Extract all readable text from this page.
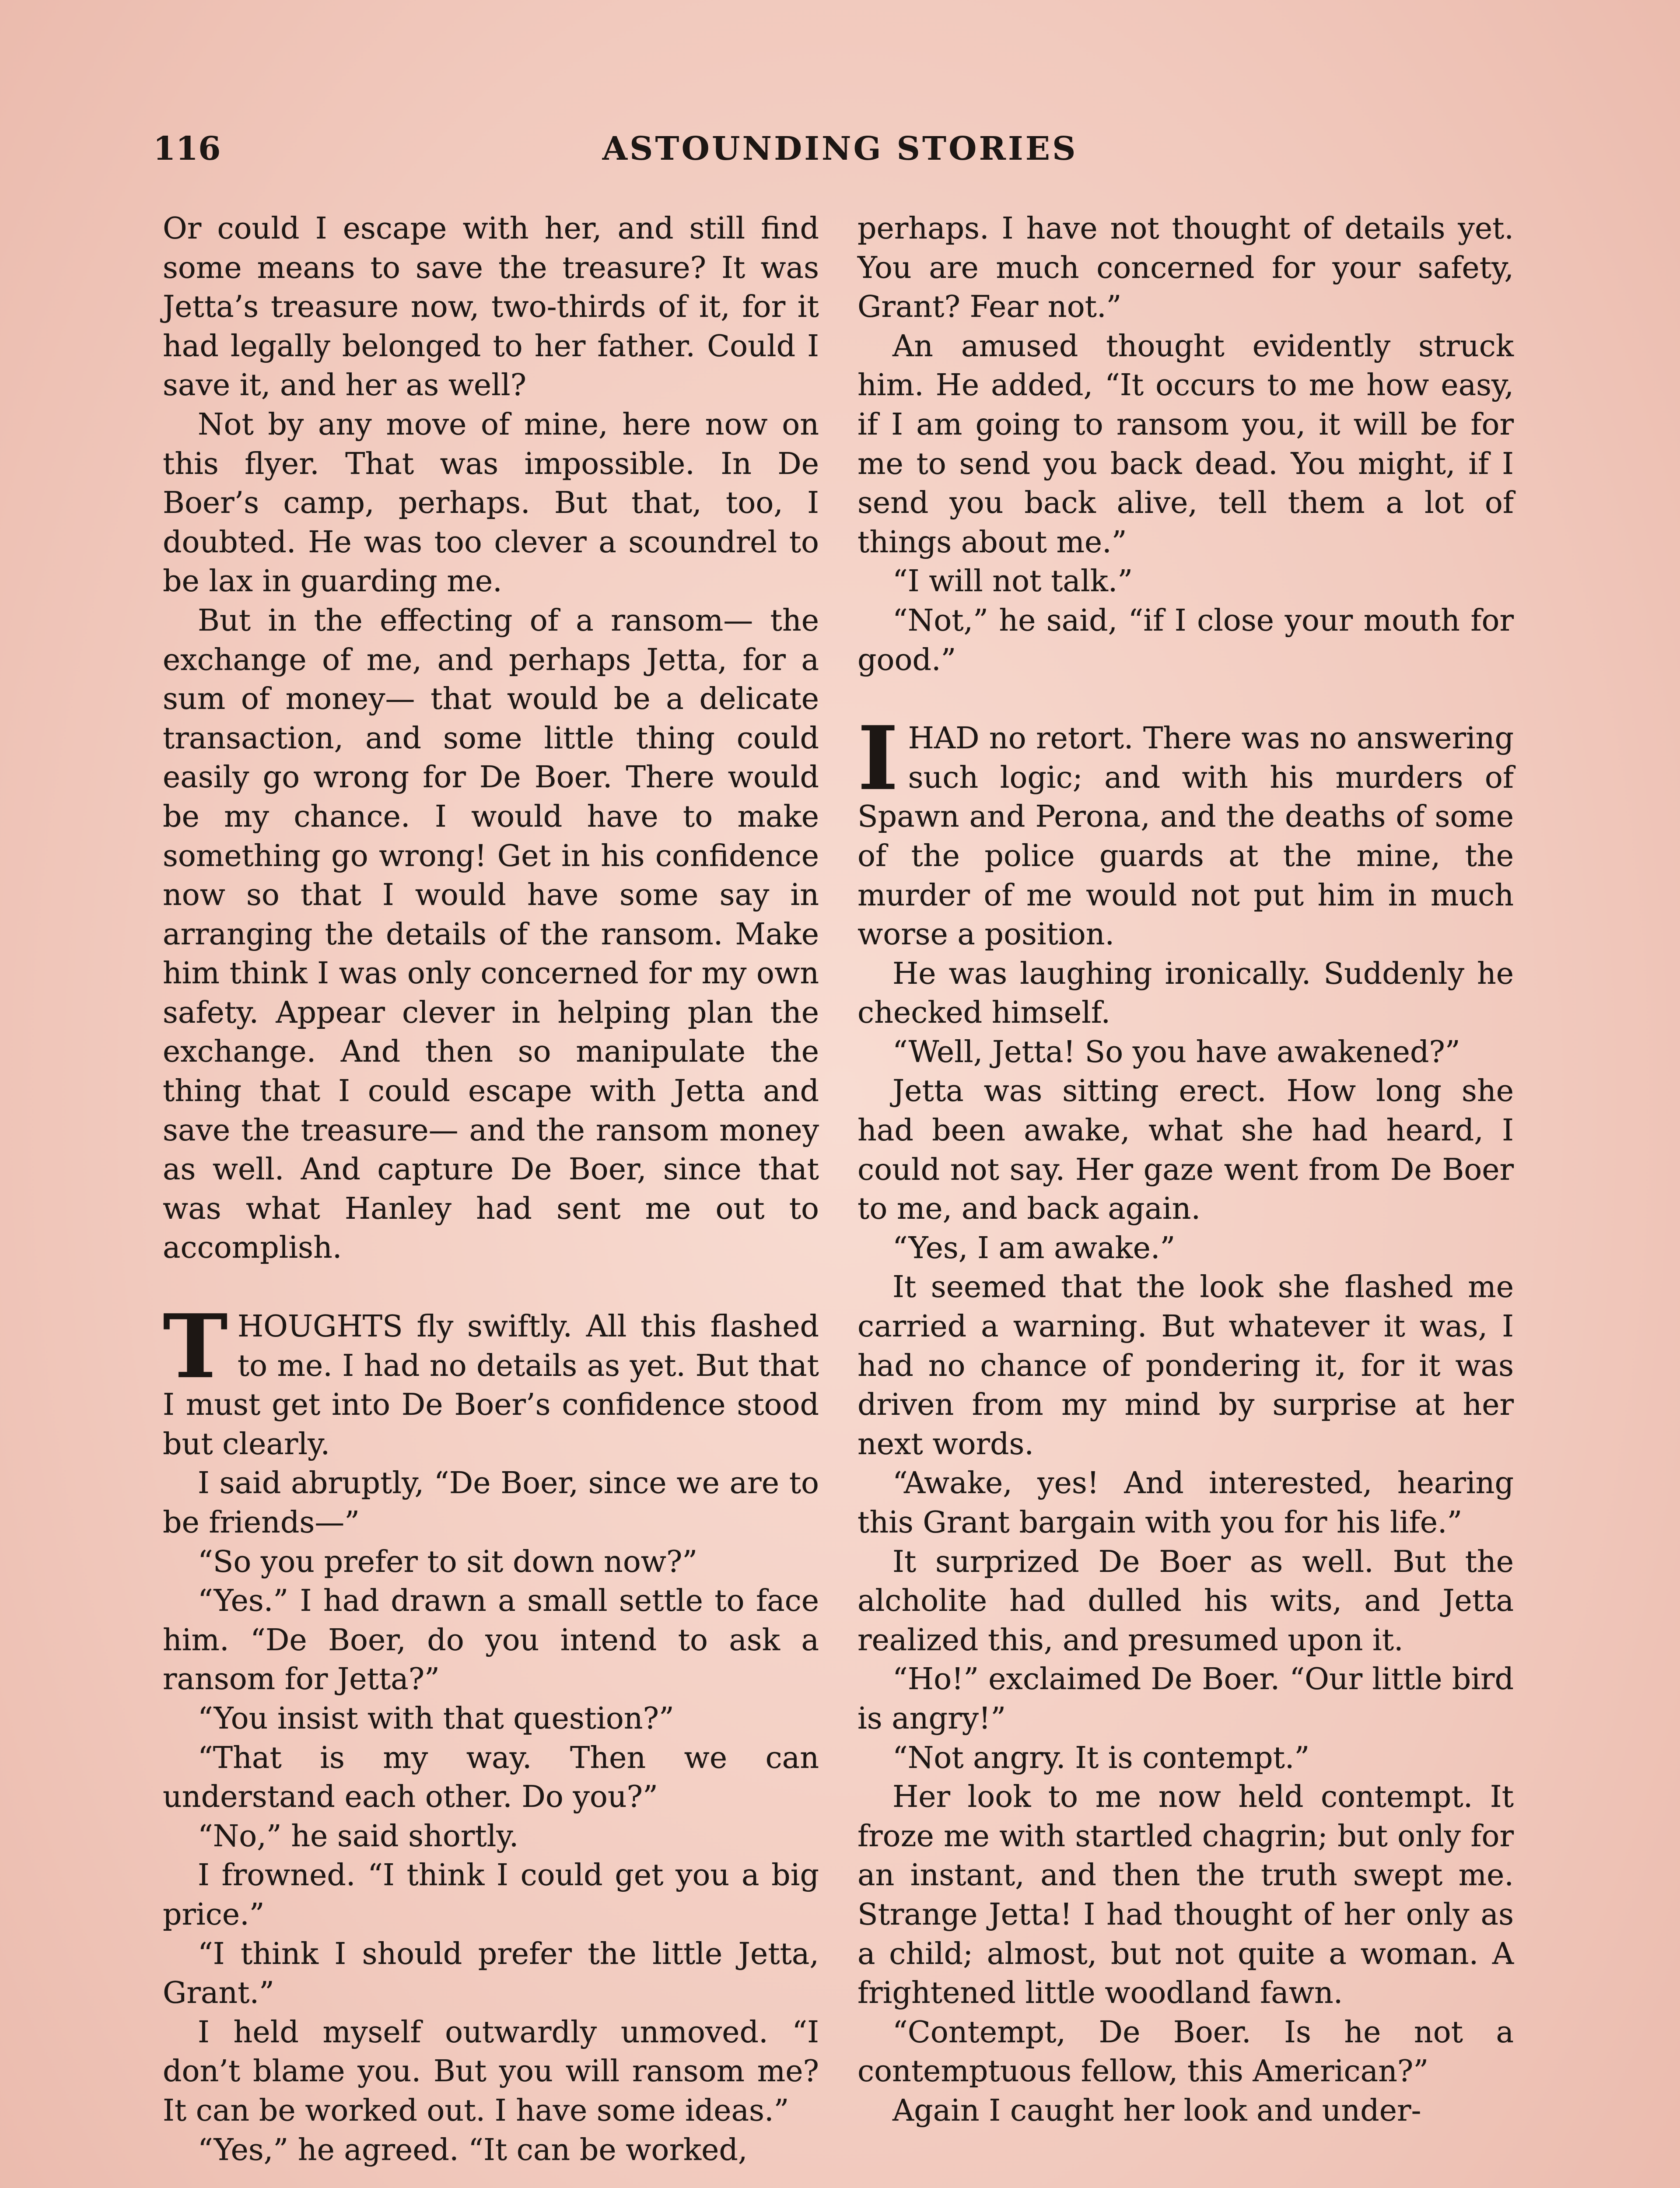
116	ASTOUNDING STORIES

Or could I escape with her, and still find some means to save the treasure? It was Jetta’s treasure now, two-thirds of it, for it had legally belonged to her father. Could I save it, and her as well?

Not by any move of mine, here now on this flyer. That was impossible. In De Boer’s camp, perhaps. But that, too, I doubted. He was too clever a scoundrel to be lax in guarding me.

But in the effecting of a ransom— the exchange of me, and perhaps Jetta, for a sum of money— that would be a delicate transaction, and some little thing could easily go wrong for De Boer. There would be my chance. I would have to make something go wrong! Get in his confidence now so that I would have some say in arranging the details of the ransom. Make him think I was only concerned for my own safety. Appear clever in helping plan the exchange. And then so manipulate the thing that I could escape with Jetta and save the treasure— and the ransom money as well. And capture De Boer, since that was what Hanley had sent me out to accomplish.

THOUGHTS fly swiftly. All this flashed to me. I had no details as yet. But that I must get into De Boer’s confidence stood but clearly.

I said abruptly, “De Boer, since we are to be friends—”

“So you prefer to sit down now?”

“Yes.” I had drawn a small settle to face him. “De Boer, do you intend to ask a ransom for Jetta?”

“You insist with that question?”

“That is my way. Then we can understand each other. Do you?”

“No,” he said shortly.

I frowned. “I think I could get you a big price.”

“I think I should prefer the little Jetta, Grant.”

I held myself outwardly unmoved. “I don’t blame you. But you will ransom me? It can be worked out. I have some ideas.”

“Yes,” he agreed. “It can be worked,

perhaps. I have not thought of details yet. You are much concerned for your safety, Grant? Fear not.”

An amused thought evidently struck him. He added, “It occurs to me how easy, if I am going to ransom you, it will be for me to send you back dead. You might, if I send you back alive, tell them a lot of things about me.”

“I will not talk.”

“Not,” he said, “if I close your mouth for good.”

IHAD no retort. There was no answering such logic; and with his murders of Spawn and Perona, and the deaths of some of the police guards at the mine, the murder of me would not put him in much worse a position.

He was laughing ironically. Suddenly he checked himself.

“Well, Jetta! So you have awakened?”

Jetta was sitting erect. How long she had been awake, what she had heard, I could not say. Her gaze went from De Boer to me, and back again.

“Yes, I am awake.”

It seemed that the look she flashed me carried a warning. But whatever it was, I had no chance of pondering it, for it was driven from my mind by surprise at her next words.

“Awake, yes! And interested, hearing this Grant bargain with you for his life.”

It surprized De Boer as well. But the alcholite had dulled his wits, and Jetta realized this, and presumed upon it.

“Ho!” exclaimed De Boer. “Our little bird is angry!”

“Not angry. It is contempt.”

Her look to me now held contempt. It froze me with startled chagrin; but only for an instant, and then the truth swept me. Strange Jetta! I had thought of her only as a child; almost, but not quite a woman. A frightened little woodland fawn.

“Contempt, De Boer. Is he not a contemptuous fellow, this American?”

Again I caught her look and under-
